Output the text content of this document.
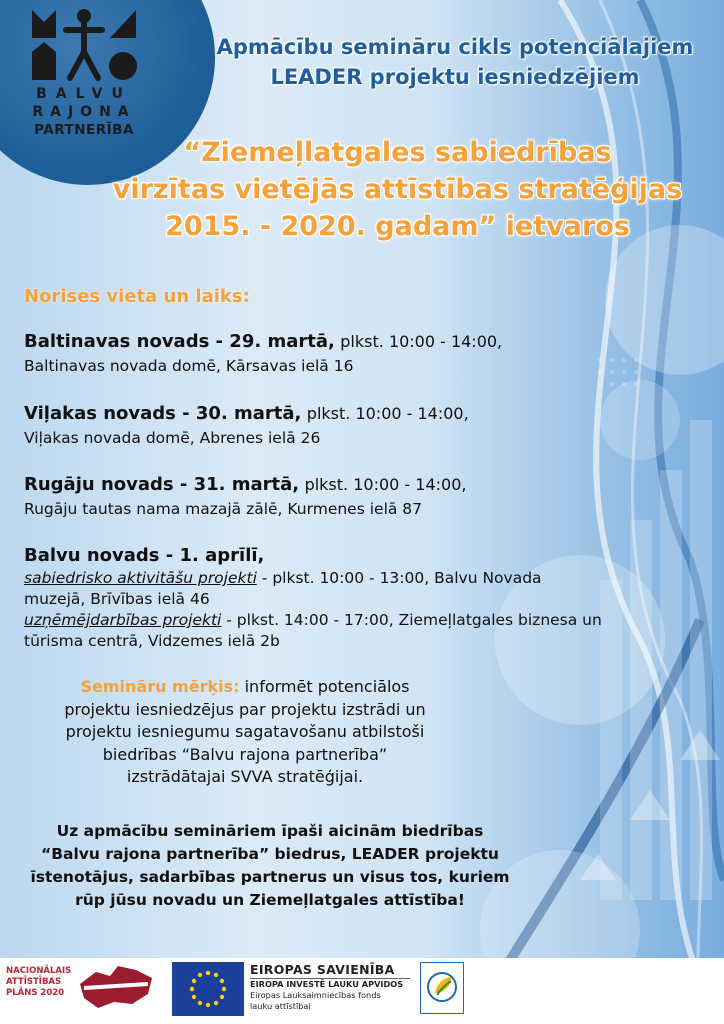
BALVU
RAJONA
PARTNERĪBA
Apmācību semināru cikls potenciālajiem
LEADER projektu iesniedzējiem
“Ziemeļlatgales sabiedrības
virzītas vietējās attīstības stratēģijas
2015. - 2020. gadam” ietvaros
Norises vieta un laiks:
Baltinavas novads - 29. martā, plkst. 10:00 - 14:00,
Baltinavas novada domē, Kārsavas ielā 16
Viļakas novads - 30. martā, plkst. 10:00 - 14:00,
Viļakas novada domē, Abrenes ielā 26
Rugāju novads - 31. martā, plkst. 10:00 - 14:00,
Rugāju tautas nama mazajā zālē, Kurmenes ielā 87
Balvu novads - 1. aprīlī,
sabiedrisko aktivitāšu projekti - plkst. 10:00 - 13:00, Balvu Novada
muzejā, Brīvības ielā 46
uzņēmējdarbības projekti - plkst. 14:00 - 17:00, Ziemeļlatgales biznesa un
tūrisma centrā, Vidzemes ielā 2b
Semināru mērķis: informēt potenciālos
projektu iesniedzējus par projektu izstrādi un
projektu iesniegumu sagatavošanu atbilstoši
biedrības “Balvu rajona partnerība”
izstrādātajai SVVA stratēģijai.
Uz apmācību semināriem īpaši aicinām biedrības
“Balvu rajona partnerība” biedrus, LEADER projektu
īstenotājus, sadarbības partnerus un visus tos, kuriem
rūp jūsu novadu un Ziemeļlatgales attīstība!
NACIONĀLAIS
ATTĪSTĪBAS
PLĀNS 2020
EIROPAS SAVIENĪBA
EIROPA INVESTĒ LAUKU APVIDOS
Eiropas Lauksaimniecības fonds
lauku attīstībai
